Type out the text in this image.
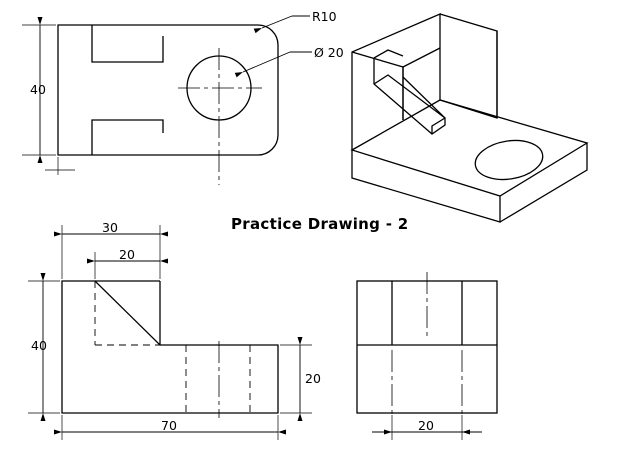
Practice Drawing - 2
40
R10
Ø 20
30
20
40
20
70	20
